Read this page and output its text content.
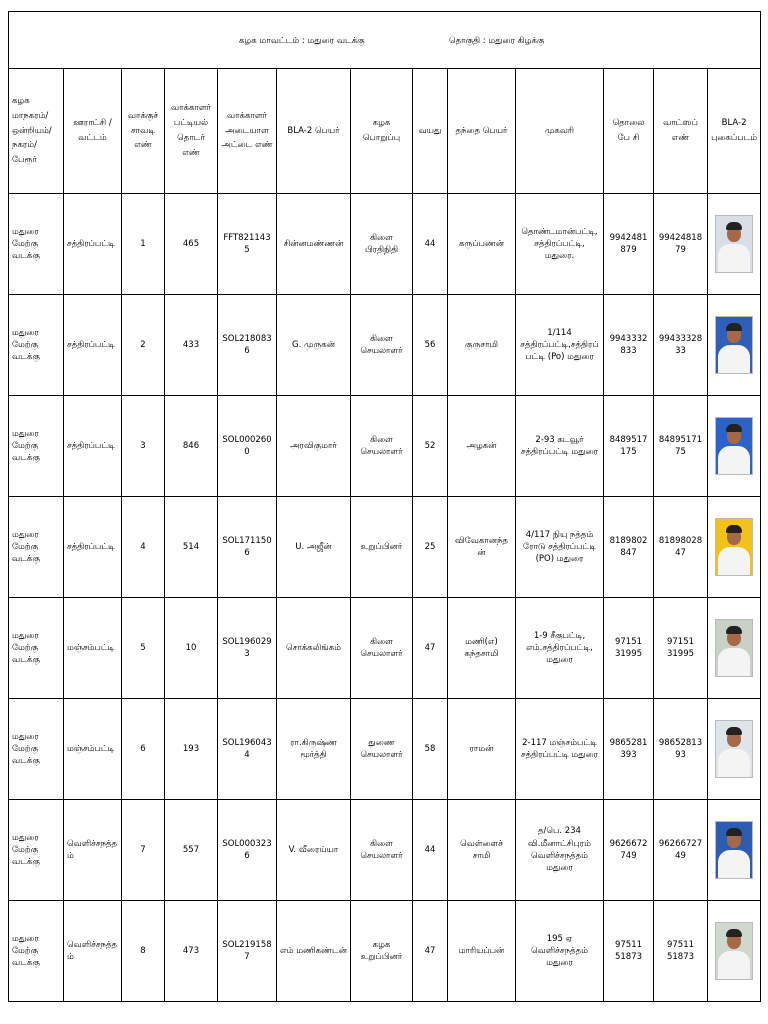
கழக மாவட்டம் : மதுரை வடக்கு தொகுதி : மதுரை கிழக்கு												

கழக மாநகரம்/ ஒன்றியம்/ நகரம்/ பேரூர்	ஊராட்சி / வட்டம்	வாக்குச் சாவடி எண்	வாக்காளர் பட்டியல் தொடர் எண்	வாக்காளர் அடையாள அட்டை எண்	BLA-2 பெயர்	கழக பொறுப்பு	வயது	தந்தை பெயர்	முகவரி	தொலைபே சி	வாட்ஸப் எண்	BLA-2 புகைப்படம்
மதுரை மேற்கு வடக்கு	சத்திரப்பட்டி	1	465	FFT8211435	சின்னமண்ணன்	கிளை பிரதிநிதி	44	கருப்பணன்	தொண்டமான்பட்டி, சத்திரப்பட்டி, மதுரை.	9942481879	9942481879	

மதுரை மேற்கு வடக்கு	சத்திரப்பட்டி	2	433	SOL2180836	G. முருகன்	கிளை செயலாளர்	56	குருசாமி	1/114 சத்திரப்பட்டி,சத்திரப்பட்டி (Po) மதுரை	9943332833	9943332833	

மதுரை மேற்கு வடக்கு	சத்திரப்பட்டி	3	846	SOL0002600	அரவிகுமார்	கிளை செயலாளர்	52	அழகன்	2-93 கடவூர் சத்திரப்பட்டி மதுரை	8489517175	8489517175	

மதுரை மேற்கு வடக்கு	சத்திரப்பட்டி	4	514	SOL1711506	U. அஜீன்	உறுப்பினர்	25	விவேகானந்தன்	4/117 நியு நத்தம் ரோடு சத்திரப்பட்டி (PO) மதுரை	8189802847	8189802847	

மதுரை மேற்கு வடக்கு	மஞ்சம்பட்டி	5	10	SOL1960293	சொக்கலிங்கம்	கிளை செயலாளர்	47	மணி(எ) கந்தசாமி	1-9 சீகுபட்டி, எம்.சத்திரப்பட்டி, மதுரை	97151 31995	97151 31995	

மதுரை மேற்கு வடக்கு	மஞ்சம்பட்டி	6	193	SOL1960434	ரா.கிருஷ்ண மூர்த்தி	துணை செயலாளர்	58	ராமன்	2-117 மஞ்சம்பட்டி சத்திரப்பட்டி மதுரை	9865281393	9865281393	

மதுரை மேற்கு வடக்கு	வெளிச்சநத்தம்	7	557	SOL0003236	V. வீரைய்யா	கிளை செயலாளர்	44	வெள்ளைச் சாமி	த/பெ. 234 வி.மீனாட்சிபுரம் வெளிச்சநத்தம் மதுரை	9626672749	9626672749	

மதுரை மேற்கு வடக்கு	வெளிச்சநத்தம்	8	473	SOL2191587	எம் மணிகண்டன்	கழக உறுப்பினர்	47	மாரியப்பன்	195 ஏ வெளிச்சநத்தம் மதுரை	97511 51873	97511 51873	
